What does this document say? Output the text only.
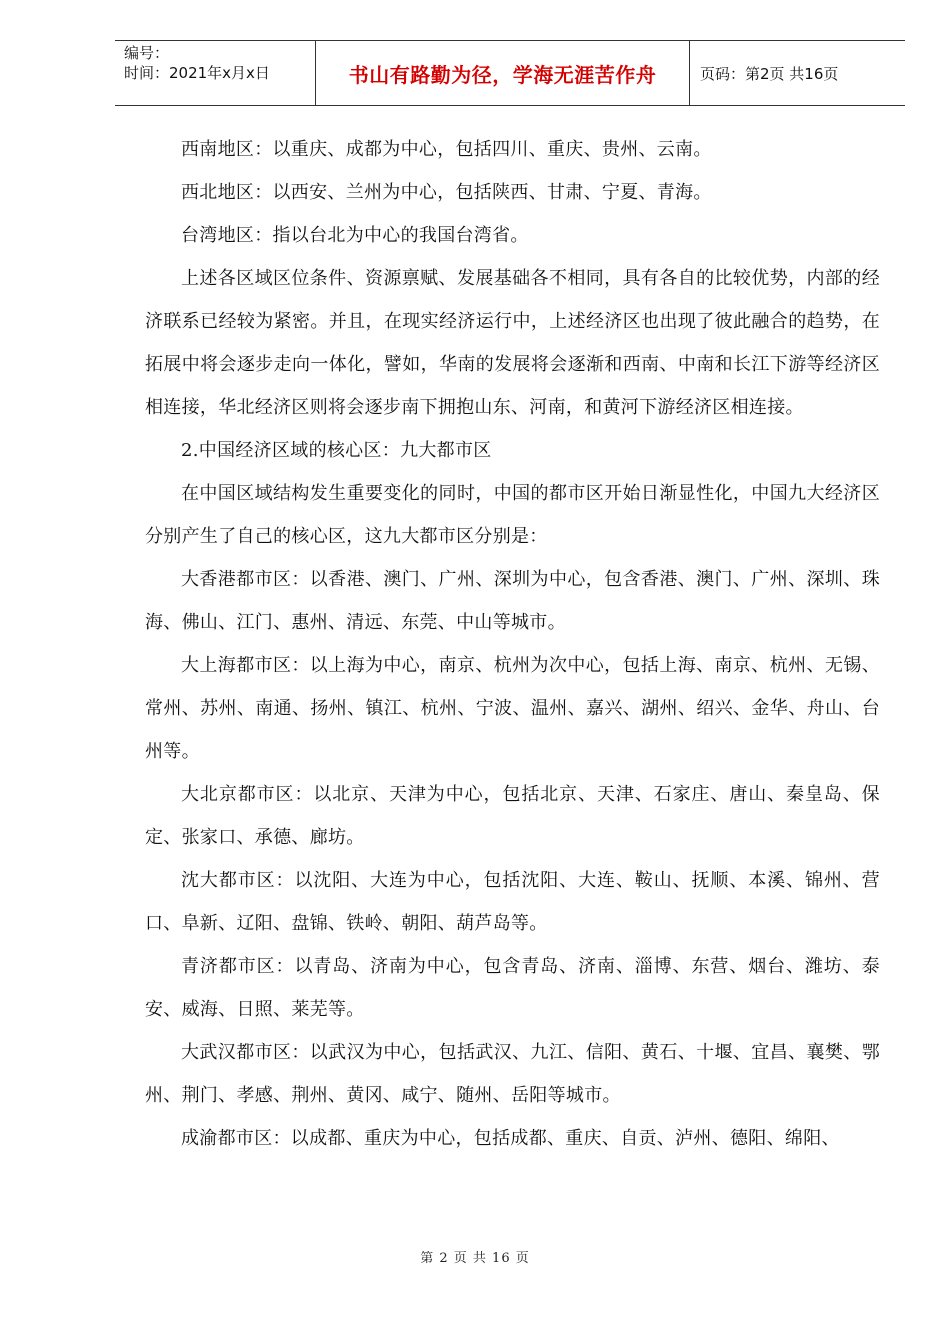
编号：
时间：2021年x月x日	书山有路勤为径，学海无涯苦作舟	页码：第2页 共16页

西南地区：以重庆、成都为中心，包括四川、重庆、贵州、云南。

西北地区：以西安、兰州为中心，包括陕西、甘肃、宁夏、青海。

台湾地区：指以台北为中心的我国台湾省。

上述各区域区位条件、资源禀赋、发展基础各不相同，具有各自的比较优势，内部的经济联系已经较为紧密。并且，在现实经济运行中，上述经济区也出现了彼此融合的趋势，在拓展中将会逐步走向一体化，譬如，华南的发展将会逐渐和西南、中南和长江下游等经济区相连接，华北经济区则将会逐步南下拥抱山东、河南，和黄河下游经济区相连接。

2.中国经济区域的核心区：九大都市区

在中国区域结构发生重要变化的同时，中国的都市区开始日渐显性化，中国九大经济区分别产生了自己的核心区，这九大都市区分别是：

大香港都市区：以香港、澳门、广州、深圳为中心，包含香港、澳门、广州、深圳、珠海、佛山、江门、惠州、清远、东莞、中山等城市。

大上海都市区：以上海为中心，南京、杭州为次中心，包括上海、南京、杭州、无锡、常州、苏州、南通、扬州、镇江、杭州、宁波、温州、嘉兴、湖州、绍兴、金华、舟山、台州等。

大北京都市区：以北京、天津为中心，包括北京、天津、石家庄、唐山、秦皇岛、保定、张家口、承德、廊坊。

沈大都市区：以沈阳、大连为中心，包括沈阳、大连、鞍山、抚顺、本溪、锦州、营口、阜新、辽阳、盘锦、铁岭、朝阳、葫芦岛等。

青济都市区：以青岛、济南为中心，包含青岛、济南、淄博、东营、烟台、潍坊、泰安、威海、日照、莱芜等。

大武汉都市区：以武汉为中心，包括武汉、九江、信阳、黄石、十堰、宜昌、襄樊、鄂州、荆门、孝感、荆州、黄冈、咸宁、随州、岳阳等城市。

成渝都市区：以成都、重庆为中心，包括成都、重庆、自贡、泸州、德阳、绵阳、

第 2 页 共 16 页
